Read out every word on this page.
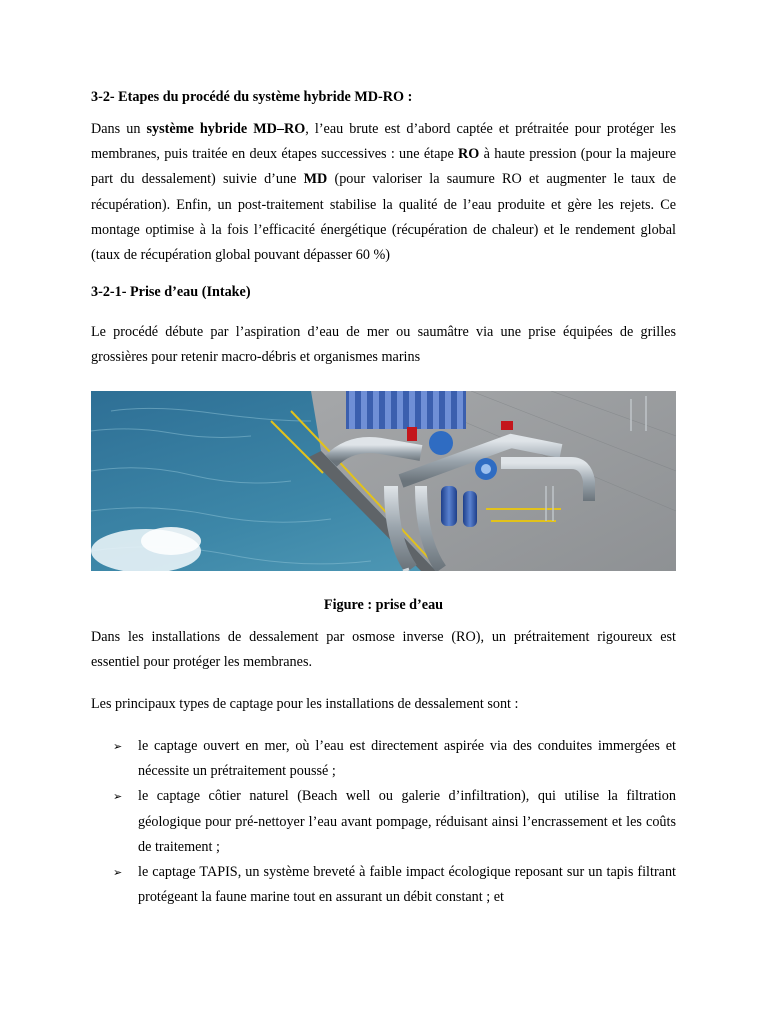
3-2- Etapes du procédé du système hybride MD-RO :

Dans un système hybride MD–RO, l’eau brute est d’abord captée et prétraitée pour protéger les membranes, puis traitée en deux étapes successives : une étape RO à haute pression (pour la majeure part du dessalement) suivie d’une MD (pour valoriser la saumure RO et augmenter le taux de récupération). Enfin, un post-traitement stabilise la qualité de l’eau produite et gère les rejets. Ce montage optimise à la fois l’efficacité énergétique (récupération de chaleur) et le rendement global (taux de récupération global pouvant dépasser 60 %)

3-2-1- Prise d’eau (Intake)

Le procédé débute par l’aspiration d’eau de mer ou saumâtre via une prise équipées de grilles grossières pour retenir macro-débris et organismes marins

Figure : prise d’eau

Dans les installations de dessalement par osmose inverse (RO), un prétraitement rigoureux est essentiel pour protéger les membranes.

Les principaux types de captage pour les installations de dessalement sont :

➢ le captage ouvert en mer, où l’eau est directement aspirée via des conduites immergées et nécessite un prétraitement poussé ;
➢ le captage côtier naturel (Beach well ou galerie d’infiltration), qui utilise la filtration géologique pour pré-nettoyer l’eau avant pompage, réduisant ainsi l’encrassement et les coûts de traitement ;
➢ le captage TAPIS, un système breveté à faible impact écologique reposant sur un tapis filtrant protégeant la faune marine tout en assurant un débit constant ; et
